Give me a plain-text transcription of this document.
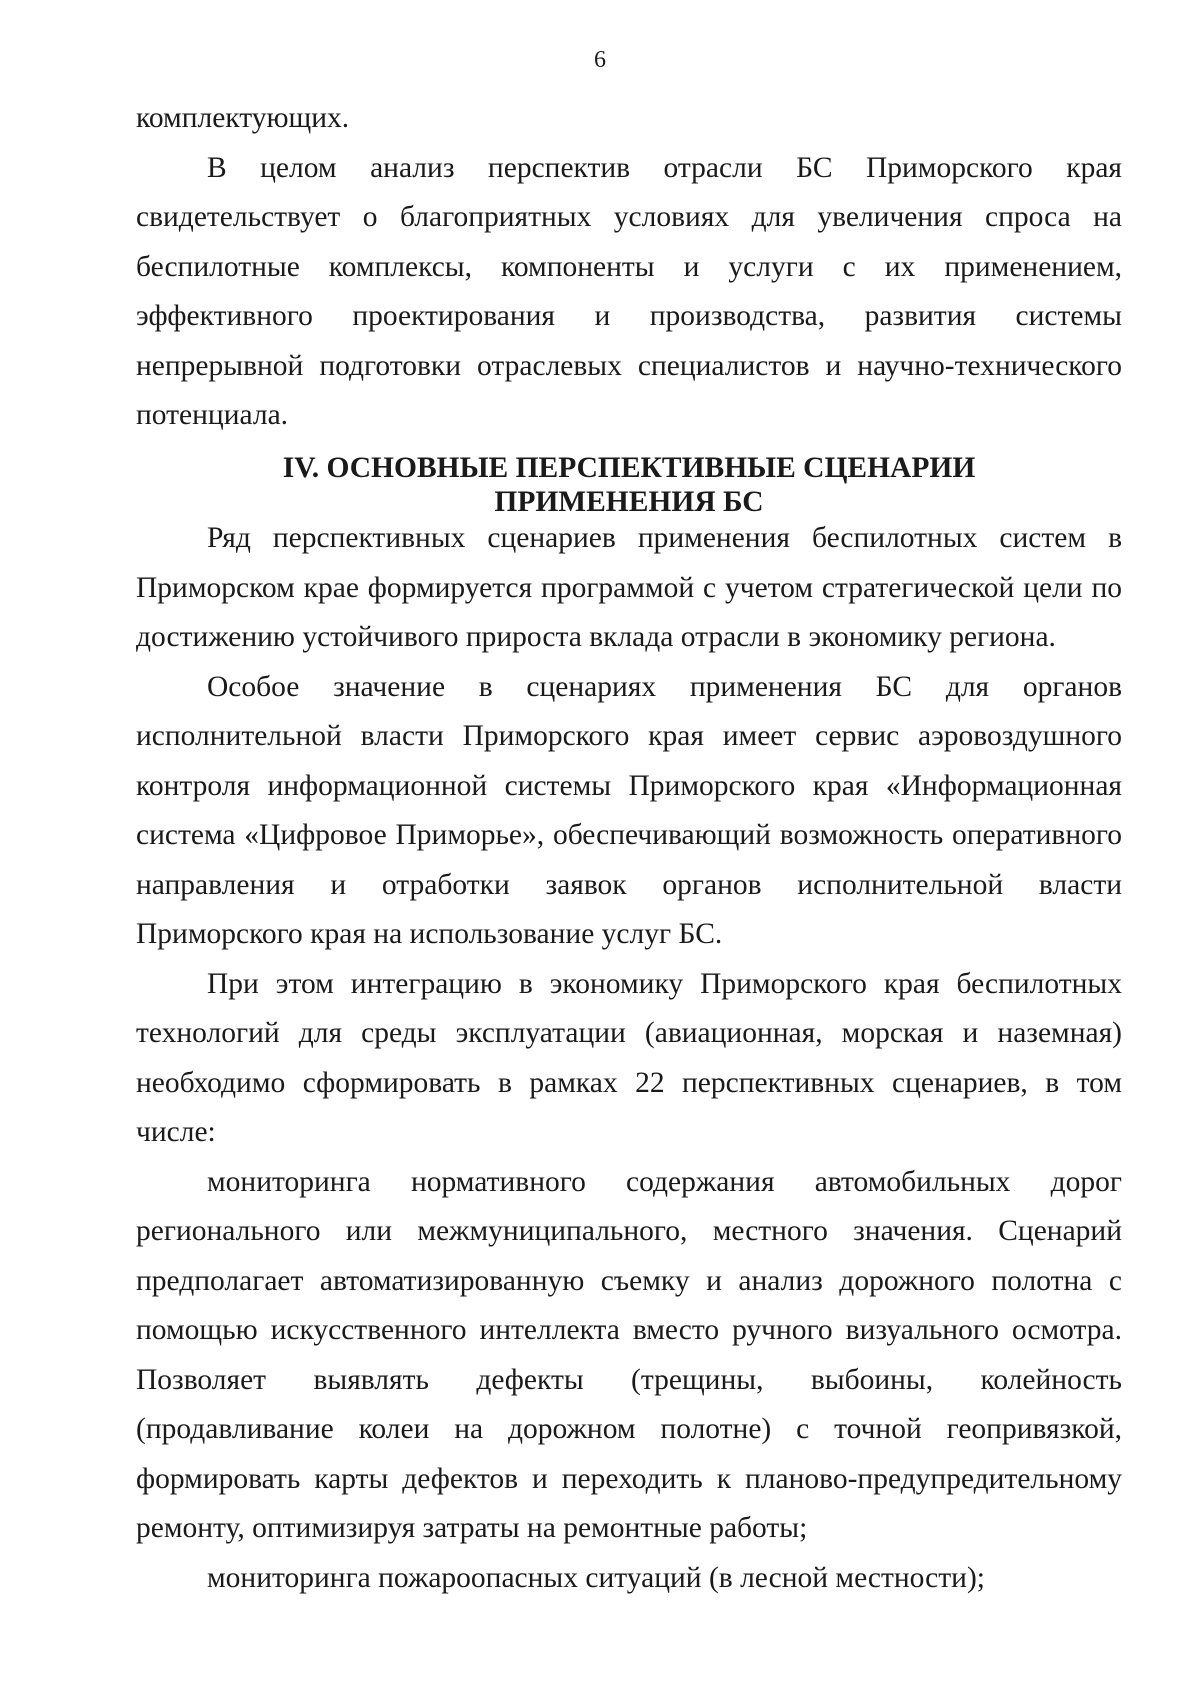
6

комплектующих.

В целом анализ перспектив отрасли БС Приморского края свидетельствует о благоприятных условиях для увеличения спроса на беспилотные комплексы, компоненты и услуги с их применением, эффективного проектирования и производства, развития системы непрерывной подготовки отраслевых специалистов и научно-технического потенциала.

IV. ОСНОВНЫЕ ПЕРСПЕКТИВНЫЕ СЦЕНАРИИ
ПРИМЕНЕНИЯ БС

Ряд перспективных сценариев применения беспилотных систем в Приморском крае формируется программой с учетом стратегической цели по достижению устойчивого прироста вклада отрасли в экономику региона.

Особое значение в сценариях применения БС для органов исполнительной власти Приморского края имеет сервис аэровоздушного контроля информационной системы Приморского края «Информационная система «Цифровое Приморье», обеспечивающий возможность оперативного направления и отработки заявок органов исполнительной власти Приморского края на использование услуг БС.

При этом интеграцию в экономику Приморского края беспилотных технологий для среды эксплуатации (авиационная, морская и наземная) необходимо сформировать в рамках 22 перспективных сценариев, в том числе:

мониторинга нормативного содержания автомобильных дорог регионального или межмуниципального, местного значения. Сценарий предполагает автоматизированную съемку и анализ дорожного полотна с помощью искусственного интеллекта вместо ручного визуального осмотра. Позволяет выявлять дефекты (трещины, выбоины, колейность (продавливание колеи на дорожном полотне) с точной геопривязкой, формировать карты дефектов и переходить к планово-предупредительному ремонту, оптимизируя затраты на ремонтные работы;

мониторинга пожароопасных ситуаций (в лесной местности);
